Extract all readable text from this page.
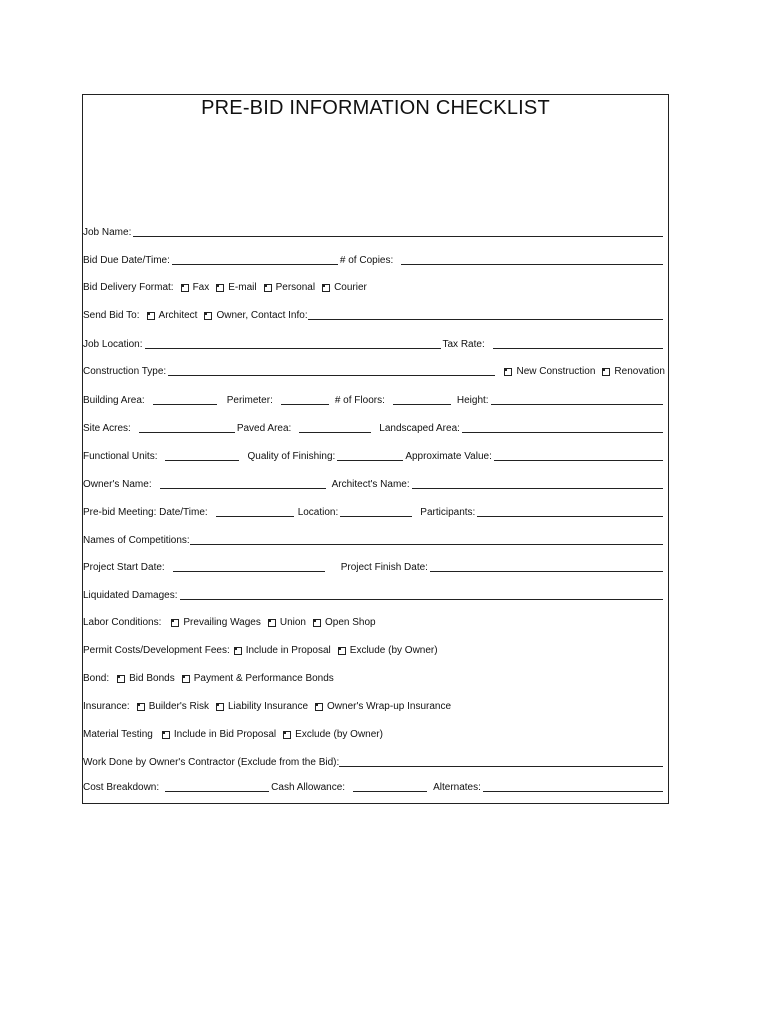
PRE-BID INFORMATION CHECKLIST
Job Name:
Bid Due Date/Time:	# of Copies:
Bid Delivery Format: Fax E-mail Personal Courier
Send Bid To: Architect Owner, Contact Info:
Job Location:	Tax Rate:
Construction Type:	New Construction Renovation
Building Area:	Perimeter:	# of Floors:	Height:
Site Acres:	Paved Area:	Landscaped Area:
Functional Units:	Quality of Finishing:	Approximate Value:
Owner's Name:	Architect's Name:
Pre-bid Meeting: Date/Time:	Location:	Participants:
Names of Competitions:
Project Start Date:	Project Finish Date:
Liquidated Damages:
Labor Conditions: Prevailing Wages Union Open Shop
Permit Costs/Development Fees: Include in Proposal Exclude (by Owner)
Bond: Bid Bonds Payment & Performance Bonds
Insurance: Builder's Risk Liability Insurance Owner's Wrap-up Insurance
Material Testing Include in Bid Proposal Exclude (by Owner)
Work Done by Owner's Contractor (Exclude from the Bid):
Cost Breakdown:	Cash Allowance:	Alternates:
